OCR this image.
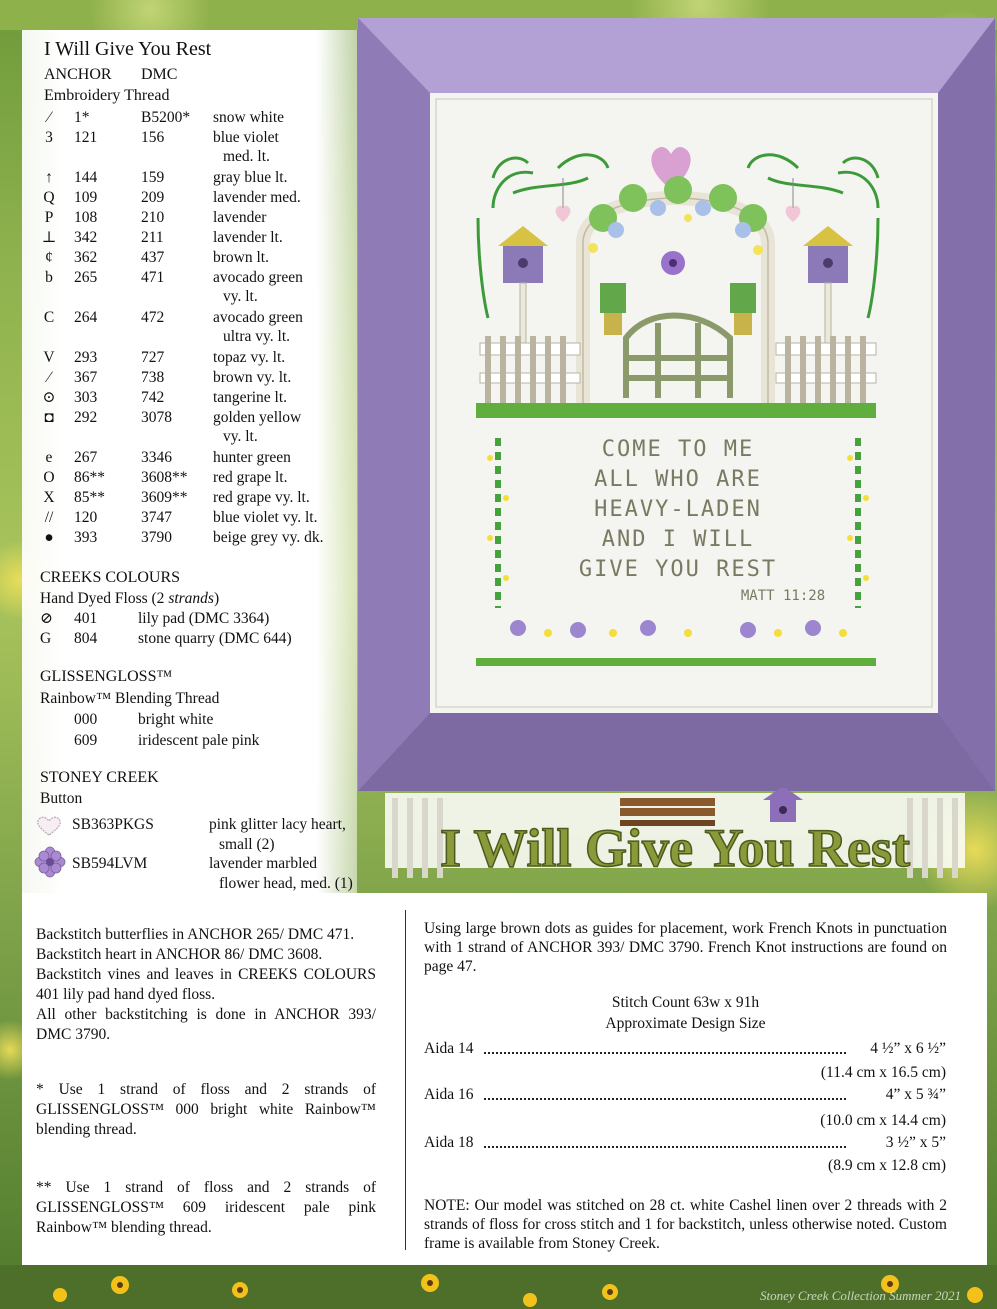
I Will Give You Rest
ANCHOR DMC
Embroidery Thread
⁄	1*	B5200* snow white
3	121	156	blue violet
med. lt.
↑	144	159	gray blue lt.
Q 109	209	lavender med.
P	108	210	lavender
⊥ 342	211	lavender lt.
¢	362	437	brown lt.
b	265	471	avocado green
vy. lt.
C 264	472	avocado green
ultra vy. lt.
V 293	727	topaz vy. lt.
⁄	367	738	brown vy. lt.
⊙ 303	742	tangerine lt.
◘ 292	3078	golden yellow
vy. lt.
e	267	3346	hunter green
O 86** 3608** red grape lt.
X 85** 3609** red grape vy. lt.
//	120	3747	blue violet vy. lt.
● 393	3790	beige grey vy. dk.
CREEKS COLOURS
Hand Dyed Floss (2 strands)
⊘ 401	lily pad (DMC 3364)
G 804	stone quarry (DMC 644)
GLISSENGLOSS™
Rainbow™ Blending Thread
000	bright white
609	iridescent pale pink
STONEY CREEK
Button
SB363PKGS	pink glitter lacy heart,
small (2)
SB594LVM	lavender marbled
flower head, med. (1)
COME TO ME
ALL WHO ARE
HEAVY-LADEN
AND I WILL
GIVE YOU REST
MATT 11:28
I Will Give You Rest

Backstitch butterflies in ANCHOR 265/ DMC 471.

Backstitch heart in ANCHOR 86/ DMC 3608.

Backstitch vines and leaves in CREEKS COLOURS 401 lily pad hand dyed floss.

All other backstitching is done in ANCHOR 393/ DMC 3790.

* Use 1 strand of floss and 2 strands of GLISSENGLOSS™ 000 bright white Rainbow™ blending thread.
** Use 1 strand of floss and 2 strands of GLISSENGLOSS™ 609 iridescent pale pink Rainbow™ blending thread.
Using large brown dots as guides for placement, work French Knots in punctuation with 1 strand of ANCHOR 393/ DMC 3790. French Knot instructions are found on page 47.
Stitch Count 63w x 91h
Approximate Design Size
Aida 14	4 ½” x 6 ½”
(11.4 cm x 16.5 cm)
Aida 16	4” x 5 ¾”
(10.0 cm x 14.4 cm)
Aida 18	3 ½” x 5”
(8.9 cm x 12.8 cm)
NOTE: Our model was stitched on 28 ct. white Cashel linen over 2 threads with 2 strands of floss for cross stitch and 1 for backstitch, unless otherwise noted. Custom frame is available from Stoney Creek.
Stoney Creek Collection Summer 2021
